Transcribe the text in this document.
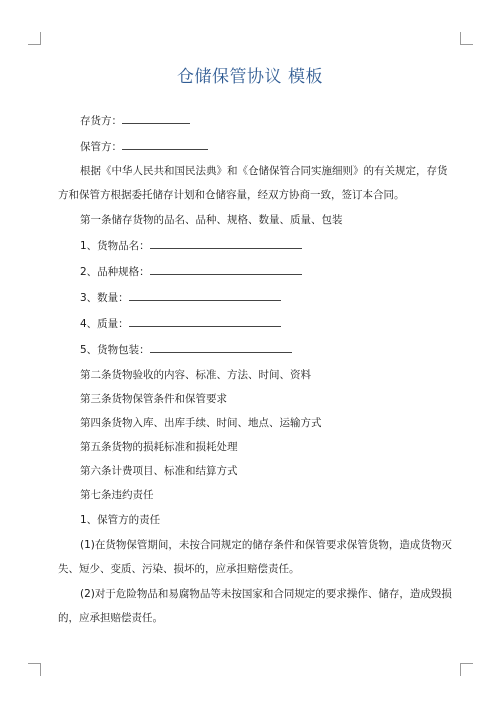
仓储保管协议 模板

存货方：

保管方：

根据《中华人民共和国民法典》和《仓储保管合同实施细则》的有关规定，存货

方和保管方根据委托储存计划和仓储容量，经双方协商一致，签订本合同。

第一条储存货物的品名、品种、规格、数量、质量、包装

1、货物品名：

2、品种规格：

3、数量：

4、质量：

5、货物包装：

第二条货物验收的内容、标准、方法、时间、资料

第三条货物保管条件和保管要求

第四条货物入库、出库手续、时间、地点、运输方式

第五条货物的损耗标准和损耗处理

第六条计费项目、标准和结算方式

第七条违约责任

1、保管方的责任

(1)在货物保管期间，未按合同规定的储存条件和保管要求保管货物，造成货物灭

失、短少、变质、污染、损坏的，应承担赔偿责任。

(2)对于危险物品和易腐物品等未按国家和合同规定的要求操作、储存，造成毁损

的，应承担赔偿责任。
